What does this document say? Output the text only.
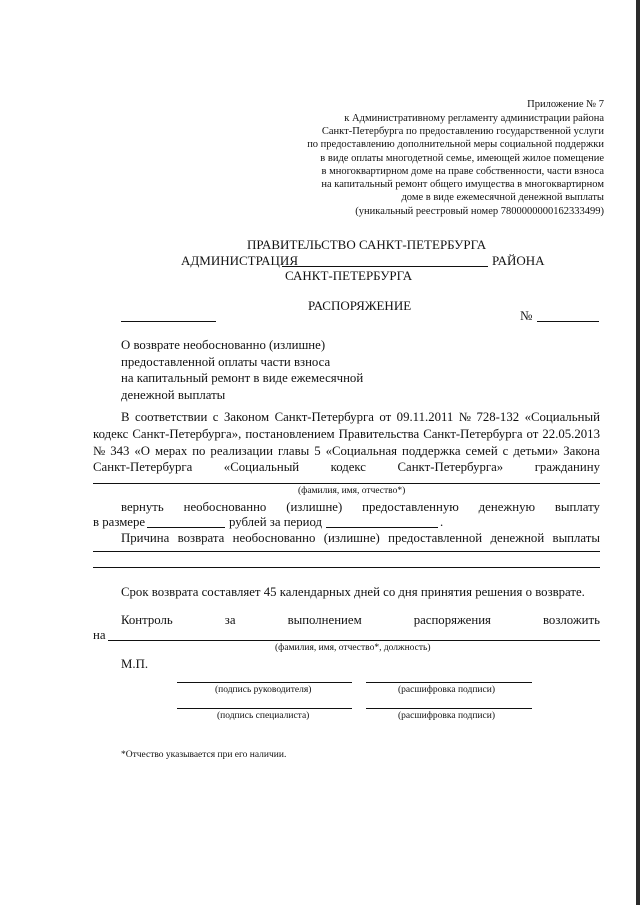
Приложение № 7
к Административному регламенту администрации района
Санкт-Петербурга по предоставлению государственной услуги
по предоставлению дополнительной меры социальной поддержки
в виде оплаты многодетной семье, имеющей жилое помещение
в многоквартирном доме на праве собственности, части взноса
на капитальный ремонт общего имущества в многоквартирном
доме в виде ежемесячной денежной выплаты
(уникальный реестровый номер 7800000000162333499)
ПРАВИТЕЛЬСТВО САНКТ-ПЕТЕРБУРГА
АДМИНИСТРАЦИЯ	РАЙОНА
САНКТ-ПЕТЕРБУРГА
РАСПОРЯЖЕНИЕ
№
О возврате необоснованно (излишне)
предоставленной оплаты части взноса
на капитальный ремонт в виде ежемесячной
денежной выплаты
В соответствии с Законом Санкт-Петербурга от 09.11.2011 № 728-132 «Социальный
кодекс Санкт-Петербурга», постановлением Правительства Санкт-Петербурга от 22.05.2013
№ 343 «О мерах по реализации главы 5 «Социальная поддержка семей с детьми» Закона
Санкт-Петербурга «Социальный кодекс Санкт-Петербурга» гражданину
(фамилия, имя, отчество*)
вернуть необоснованно (излишне) предоставленную денежную выплату
в размере	рублей за период	.
Причина возврата необоснованно (излишне) предоставленной денежной выплаты
Срок возврата составляет 45 календарных дней со дня принятия решения о возврате.
Контроль	за	выполнением	распоряжения	возложить
на
(фамилия, имя, отчество*, должность)
М.П.
(подпись руководителя)	(расшифровка подписи)
(подпись специалиста)	(расшифровка подписи)
*Отчество указывается при его наличии.
